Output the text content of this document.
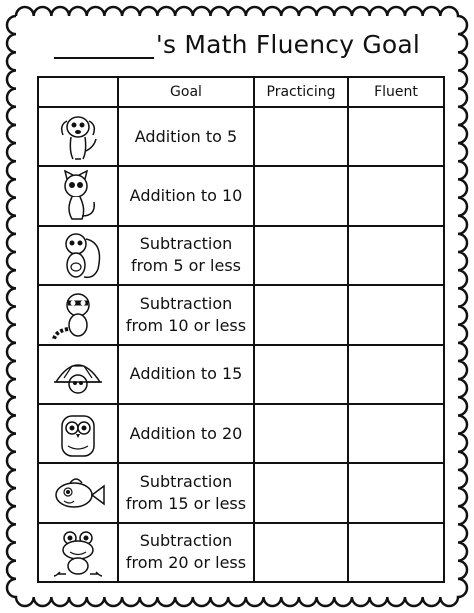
's Math Fluency Goal
	Goal	Practicing	Fluent

	Addition to 5		

	Addition to 10		

	Subtraction from 5 or less		

	Subtraction from 10 or less		

	Addition to 15		

	Addition to 20		

	Subtraction from 15 or less		

	Subtraction from 20 or less		
